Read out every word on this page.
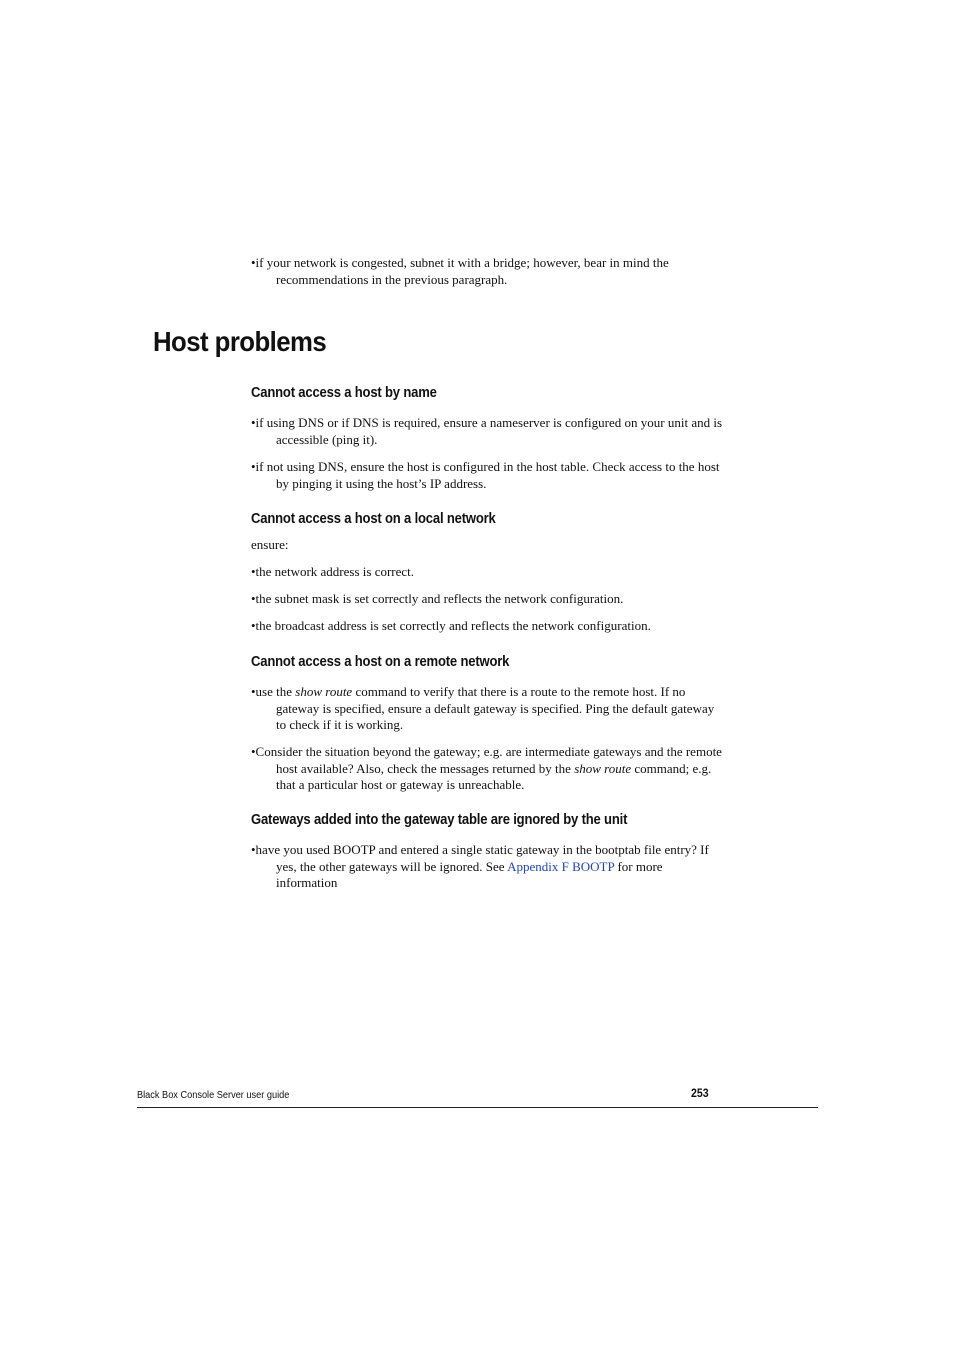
•if your network is congested, subnet it with a bridge; however, bear in mind the recommendations in the previous paragraph.

Host problems
Cannot access a host by name

•if using DNS or if DNS is required, ensure a nameserver is configured on your unit and is accessible (ping it).

•if not using DNS, ensure the host is configured in the host table. Check access to the host by pinging it using the host’s IP address.

Cannot access a host on a local network

ensure:

•the network address is correct.

•the subnet mask is set correctly and reflects the network configuration.

•the broadcast address is set correctly and reflects the network configuration.

Cannot access a host on a remote network

•use the show route command to verify that there is a route to the remote host. If no gateway is specified, ensure a default gateway is specified. Ping the default gateway to check if it is working.

•Consider the situation beyond the gateway; e.g. are intermediate gateways and the remote host available? Also, check the messages returned by the show route command; e.g. that a particular host or gateway is unreachable.

Gateways added into the gateway table are ignored by the unit

•have you used BOOTP and entered a single static gateway in the bootptab file entry? If yes, the other gateways will be ignored. See Appendix F BOOTP for more information

Black Box Console Server user guide	253
